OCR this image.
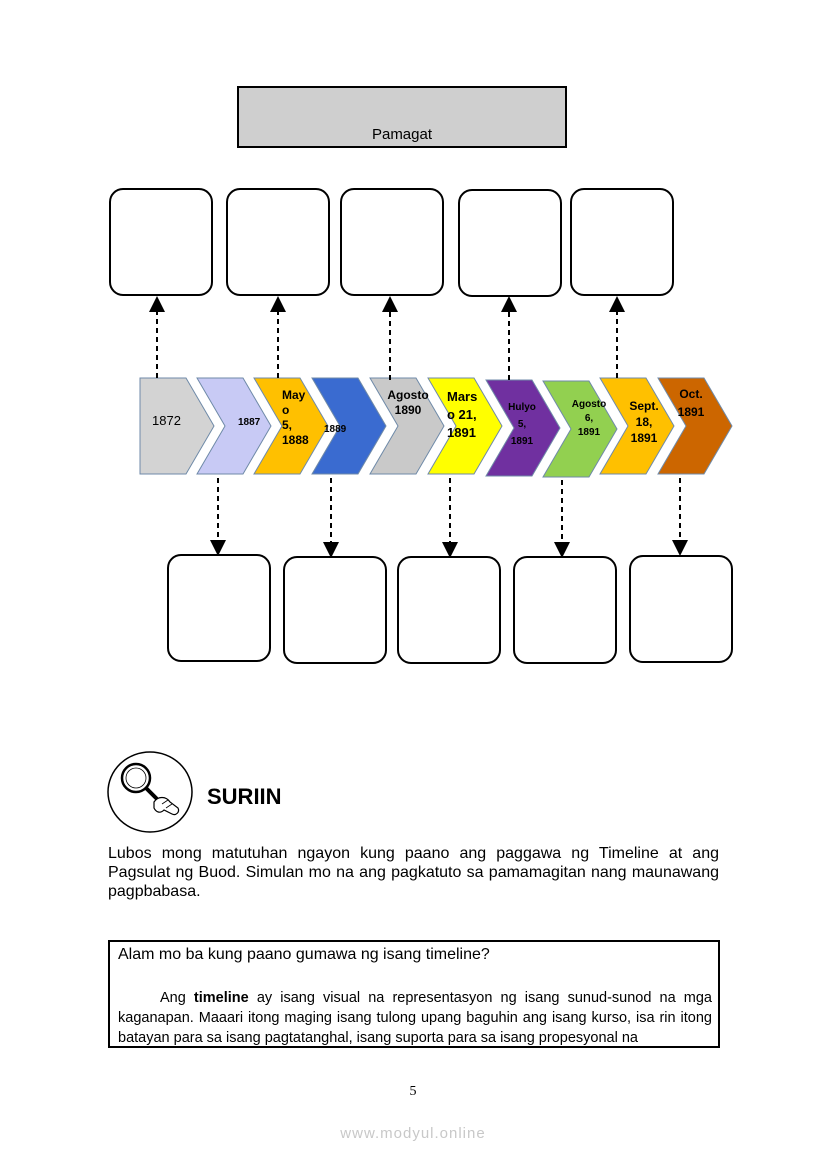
Pamagat
1872	1887
May
o
5,
1888
1889
Agosto
1890
Mars
o 21,
1891
Hulyo
5,
1891
Agosto
6,
1891
Sept.
18,
1891
Oct.
1891
SURIIN
Lubos mong matutuhan ngayon kung paano ang paggawa ng Timeline at ang Pagsulat ng Buod. Simulan mo na ang pagkatuto sa pamamagitan nang maunawang pagpbabasa.
Alam mo ba kung paano gumawa ng isang timeline?
Ang timeline ay isang visual na representasyon ng isang sunud-sunod na mga kaganapan. Maaari itong maging isang tulong upang baguhin ang isang kurso, isa rin itong batayan para sa isang pagtatanghal, isang suporta para sa isang propesyonal na
5
www.modyul.online
